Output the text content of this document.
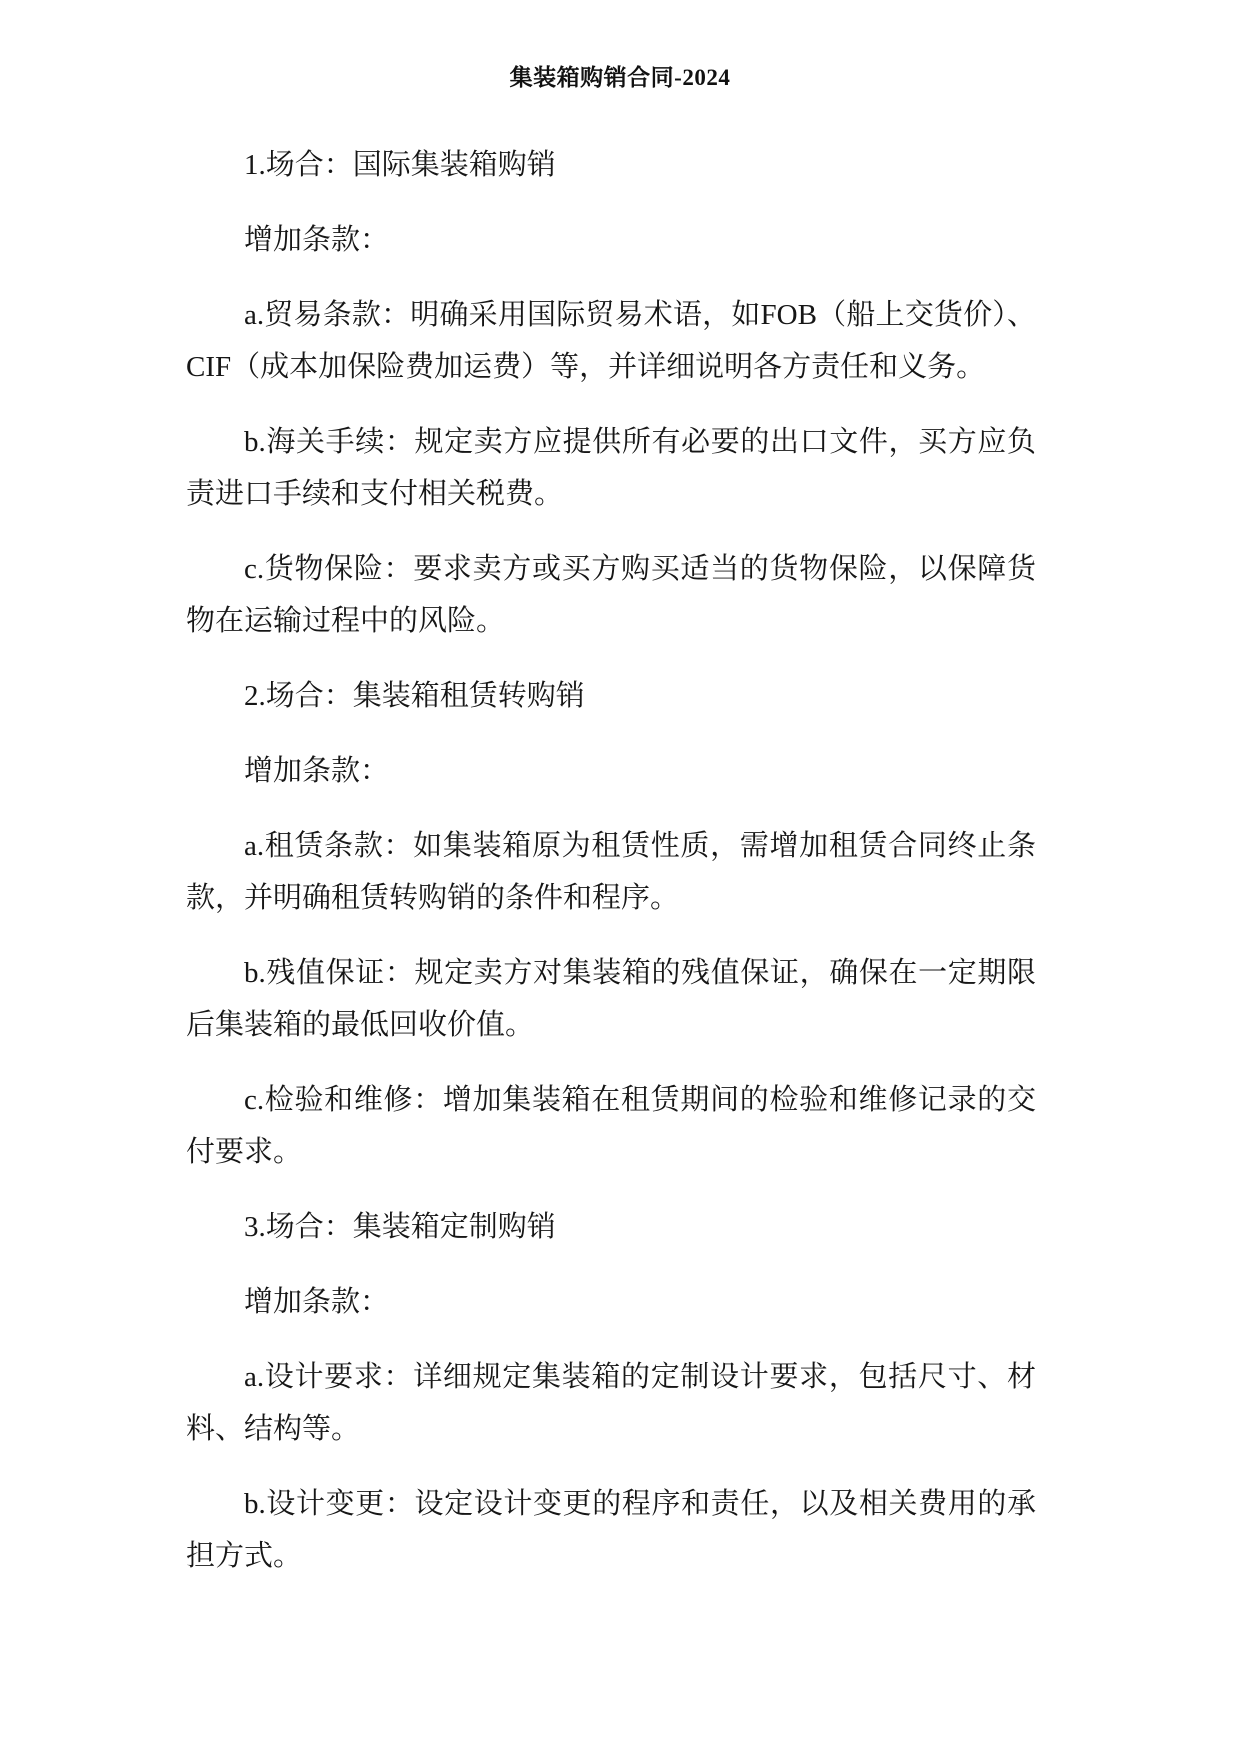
集装箱购销合同-2024

1.场合：国际集装箱购销

增加条款：

a.贸易条款：明确采用国际贸易术语，如FOB（船上交货价）、CIF（成本加保险费加运费）等，并详细说明各方责任和义务。

b.海关手续：规定卖方应提供所有必要的出口文件，买方应负责进口手续和支付相关税费。

c.货物保险：要求卖方或买方购买适当的货物保险，以保障货物在运输过程中的风险。

2.场合：集装箱租赁转购销

增加条款：

a.租赁条款：如集装箱原为租赁性质，需增加租赁合同终止条款，并明确租赁转购销的条件和程序。

b.残值保证：规定卖方对集装箱的残值保证，确保在一定期限后集装箱的最低回收价值。

c.检验和维修：增加集装箱在租赁期间的检验和维修记录的交付要求。

3.场合：集装箱定制购销

增加条款：

a.设计要求：详细规定集装箱的定制设计要求，包括尺寸、材料、结构等。

b.设计变更：设定设计变更的程序和责任，以及相关费用的承担方式。
